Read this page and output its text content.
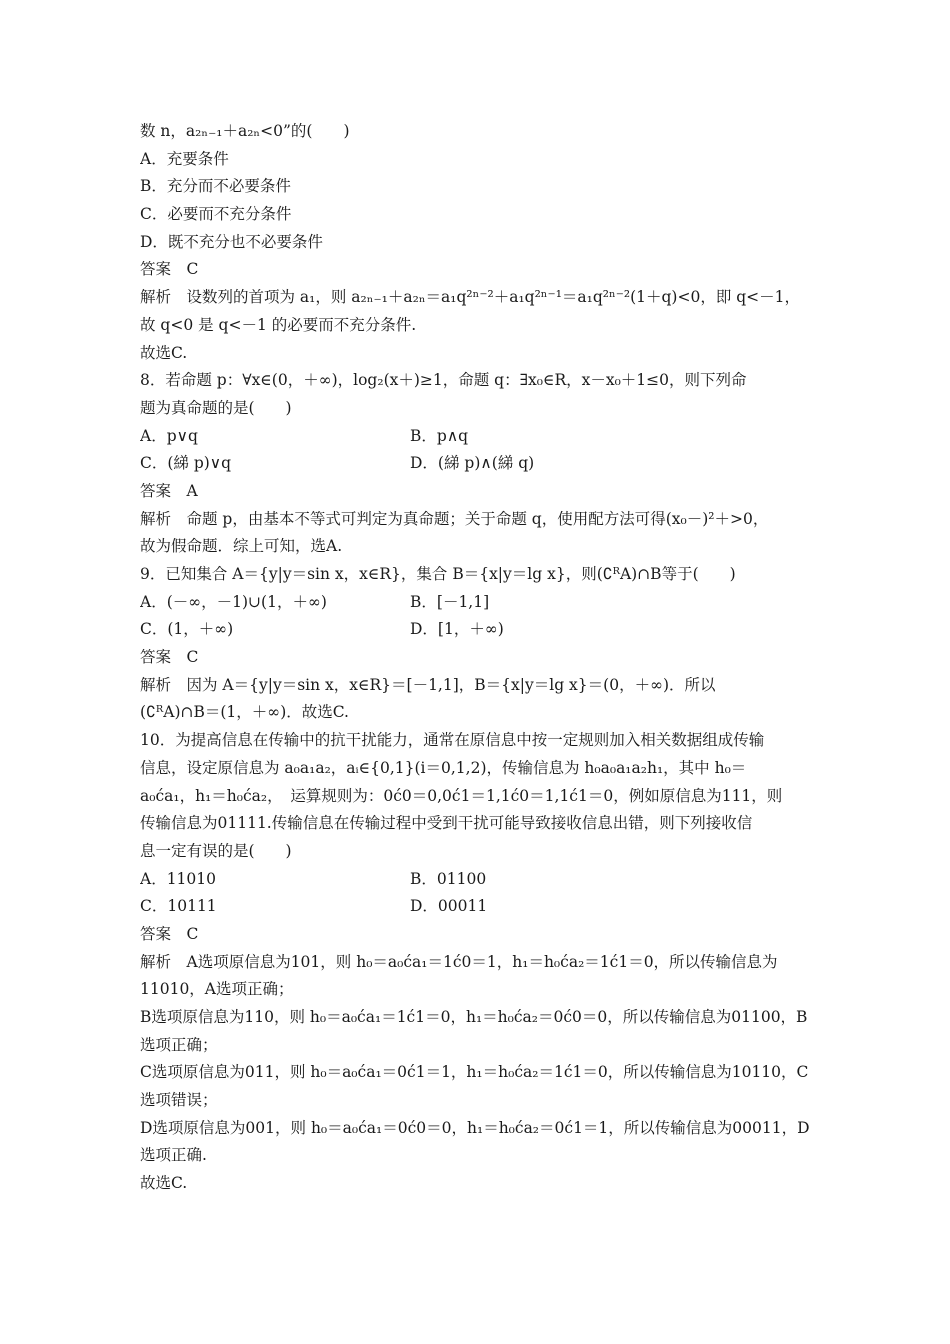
数 n，a₂ₙ₋₁＋a₂ₙ<0”的(　　)
A．充要条件
B．充分而不必要条件
C．必要而不充分条件
D．既不充分也不必要条件
答案　C
解析　设数列的首项为 a₁，则 a₂ₙ₋₁＋a₂ₙ＝a₁q²ⁿ⁻²＋a₁q²ⁿ⁻¹＝a₁q²ⁿ⁻²(1＋q)<0，即 q<－1，
故 q<0 是 q<－1 的必要而不充分条件.
故选C.
8．若命题 p：∀x∈(0，＋∞)，log₂(x＋)≥1，命题 q：∃x₀∈R，x－x₀＋1≤0，则下列命
题为真命题的是(　　)
A．p∨q	B．p∧q
C．(綈 p)∨q	D．(綈 p)∧(綈 q)
答案　A
解析　命题 p，由基本不等式可判定为真命题；关于命题 q，使用配方法可得(x₀－)²＋>0，
故为假命题．综上可知，选A.
9．已知集合 A＝{y|y＝sin x，x∈R}，集合 B＝{x|y＝lg x}，则(∁ᴿA)∩B等于(　　)
A．(－∞，－1)∪(1，＋∞)	B．[－1,1]
C．(1，＋∞)	D．[1，＋∞)
答案　C
解析　因为 A＝{y|y＝sin x，x∈R}＝[－1,1]，B＝{x|y＝lg x}＝(0，＋∞)．所以
(∁ᴿA)∩B＝(1，＋∞)．故选C.
10．为提高信息在传输中的抗干扰能力，通常在原信息中按一定规则加入相关数据组成传输
信息，设定原信息为 a₀a₁a₂，aᵢ∈{0,1}(i＝0,1,2)，传输信息为 h₀a₀a₁a₂h₁，其中 h₀＝
a₀ća₁，h₁＝h₀ća₂，　运算规则为：0ć0＝0,0ć1＝1,1ć0＝1,1ć1＝0，例如原信息为111，则
传输信息为01111.传输信息在传输过程中受到干扰可能导致接收信息出错，则下列接收信
息一定有误的是(　　)
A．11010	B．01100
C．10111	D．00011
答案　C
解析　A选项原信息为101，则 h₀＝a₀ća₁＝1ć0＝1，h₁＝h₀ća₂＝1ć1＝0，所以传输信息为
11010，A选项正确；
B选项原信息为110，则 h₀＝a₀ća₁＝1ć1＝0，h₁＝h₀ća₂＝0ć0＝0，所以传输信息为01100，B
选项正确；
C选项原信息为011，则 h₀＝a₀ća₁＝0ć1＝1，h₁＝h₀ća₂＝1ć1＝0，所以传输信息为10110，C
选项错误；
D选项原信息为001，则 h₀＝a₀ća₁＝0ć0＝0，h₁＝h₀ća₂＝0ć1＝1，所以传输信息为00011，D
选项正确.
故选C.
